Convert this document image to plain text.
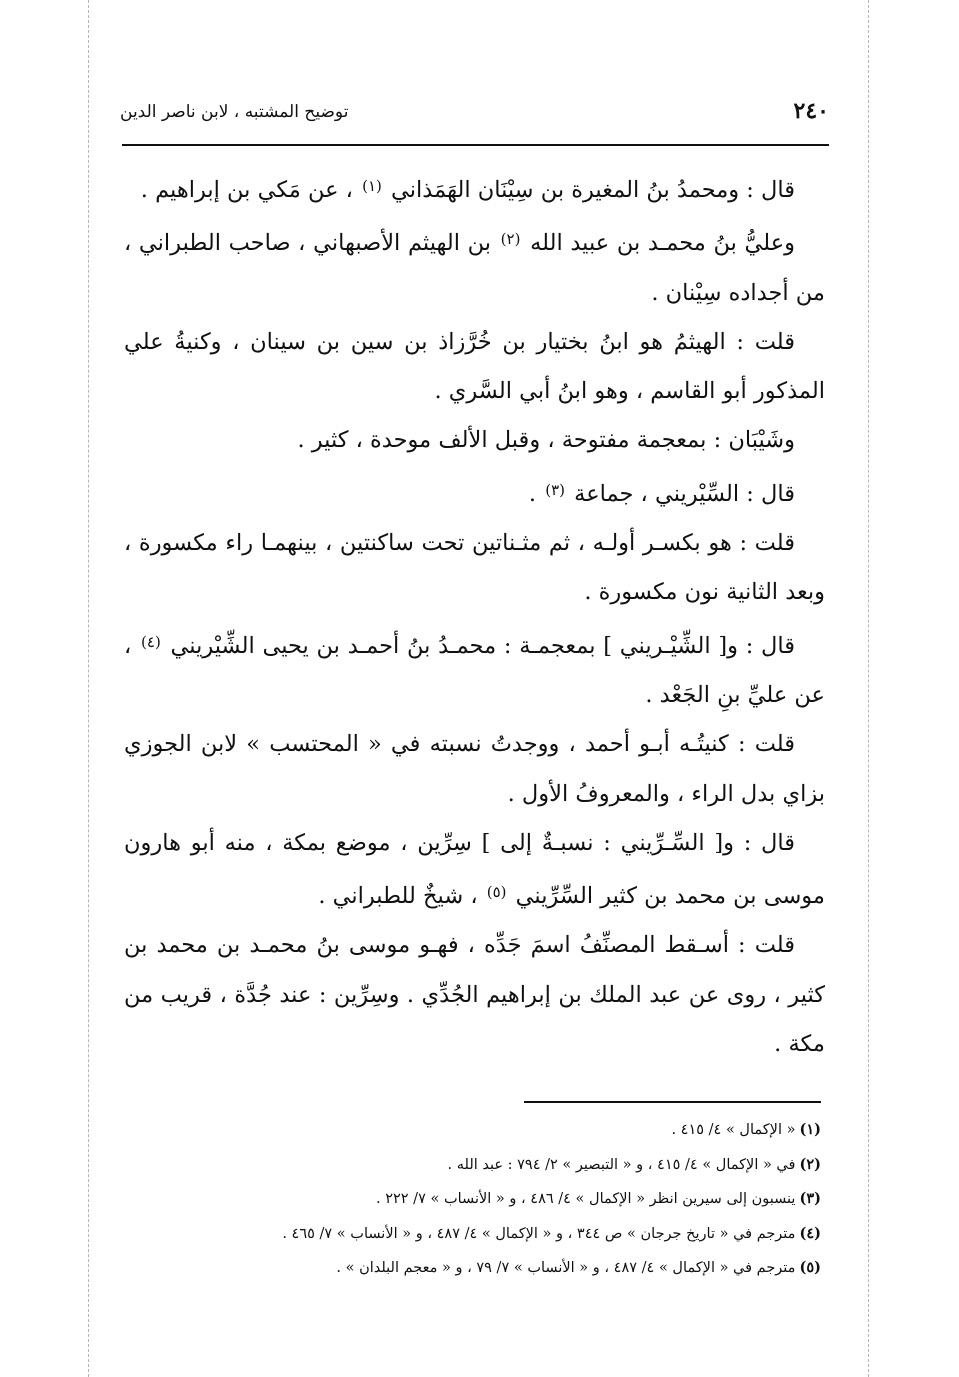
٢٤٠
توضيح المشتبه ، لابن ناصر الدين

قال : ومحمدُ بنُ المغيرة بن سِيْنَان الهَمَذاني $^{(١)}$ ، عن مَكي بن إبراهيم .

وعليُّ بنُ محمـد بن عبيد الله $^{(٢)}$ بن الهيثم الأصبهاني ، صاحب الطبراني ، من أجداده سِيْنان .

قلت : الهيثمُ هو ابنُ بختيار بن خُرَّزاذ بن سين بن سينان ، وكنيةُ علي المذكور أبو القاسم ، وهو ابنُ أبي السَّري .

وشَيْبَان : بمعجمة مفتوحة ، وقبل الألف موحدة ، كثير .

قال : السِّيْريني ، جماعة $^{(٣)}$ .

قلت : هو بكسـر أولـه ، ثم مثـناتين تحت ساكنتين ، بينهمـا راء مكسورة ، وبعد الثانية نون مكسورة .

قال : و[ الشِّيْـريني ] بمعجمـة : محمـدُ بنُ أحمـد بن يحيى الشِّيْريني $^{(٤)}$ ، عن عليِّ بنِ الجَعْد .

قلت : كنيتُـه أبـو أحمد ، ووجدتُ نسبته في « المحتسب » لابن الجوزي بزاي بدل الراء ، والمعروفُ الأول .

قال : و[ السِّـرِّيني : نسبـةٌ إلى ] سِرِّين ، موضع بمكة ، منه أبو هارون موسى بن محمد بن كثير السِّرِّيني $^{(٥)}$ ، شيخٌ للطبراني .

قلت : أسـقط المصنِّفُ اسمَ جَدِّه ، فهـو موسى بنُ محمـد بن محمد بن كثير ، روى عن عبد الملك بن إبراهيم الجُدِّي . وسِرِّين : عند جُدَّة ، قريب من مكة .

(١)« الإكمال » ٤/ ٤١٥ .

(٢)في « الإكمال » ٤/ ٤١٥ ، و « التبصير » ٢/ ٧٩٤ : عبد الله .

(٣)ينسبون إلى سيرين انظر « الإكمال » ٤/ ٤٨٦ ، و « الأنساب » ٧/ ٢٢٢ .

(٤)مترجم في « تاريخ جرجان » ص ٣٤٤ ، و « الإكمال » ٤/ ٤٨٧ ، و « الأنساب » ٧/ ٤٦٥ .

(٥)مترجم في « الإكمال » ٤/ ٤٨٧ ، و « الأنساب » ٧/ ٧٩ ، و « معجم البلدان » .
